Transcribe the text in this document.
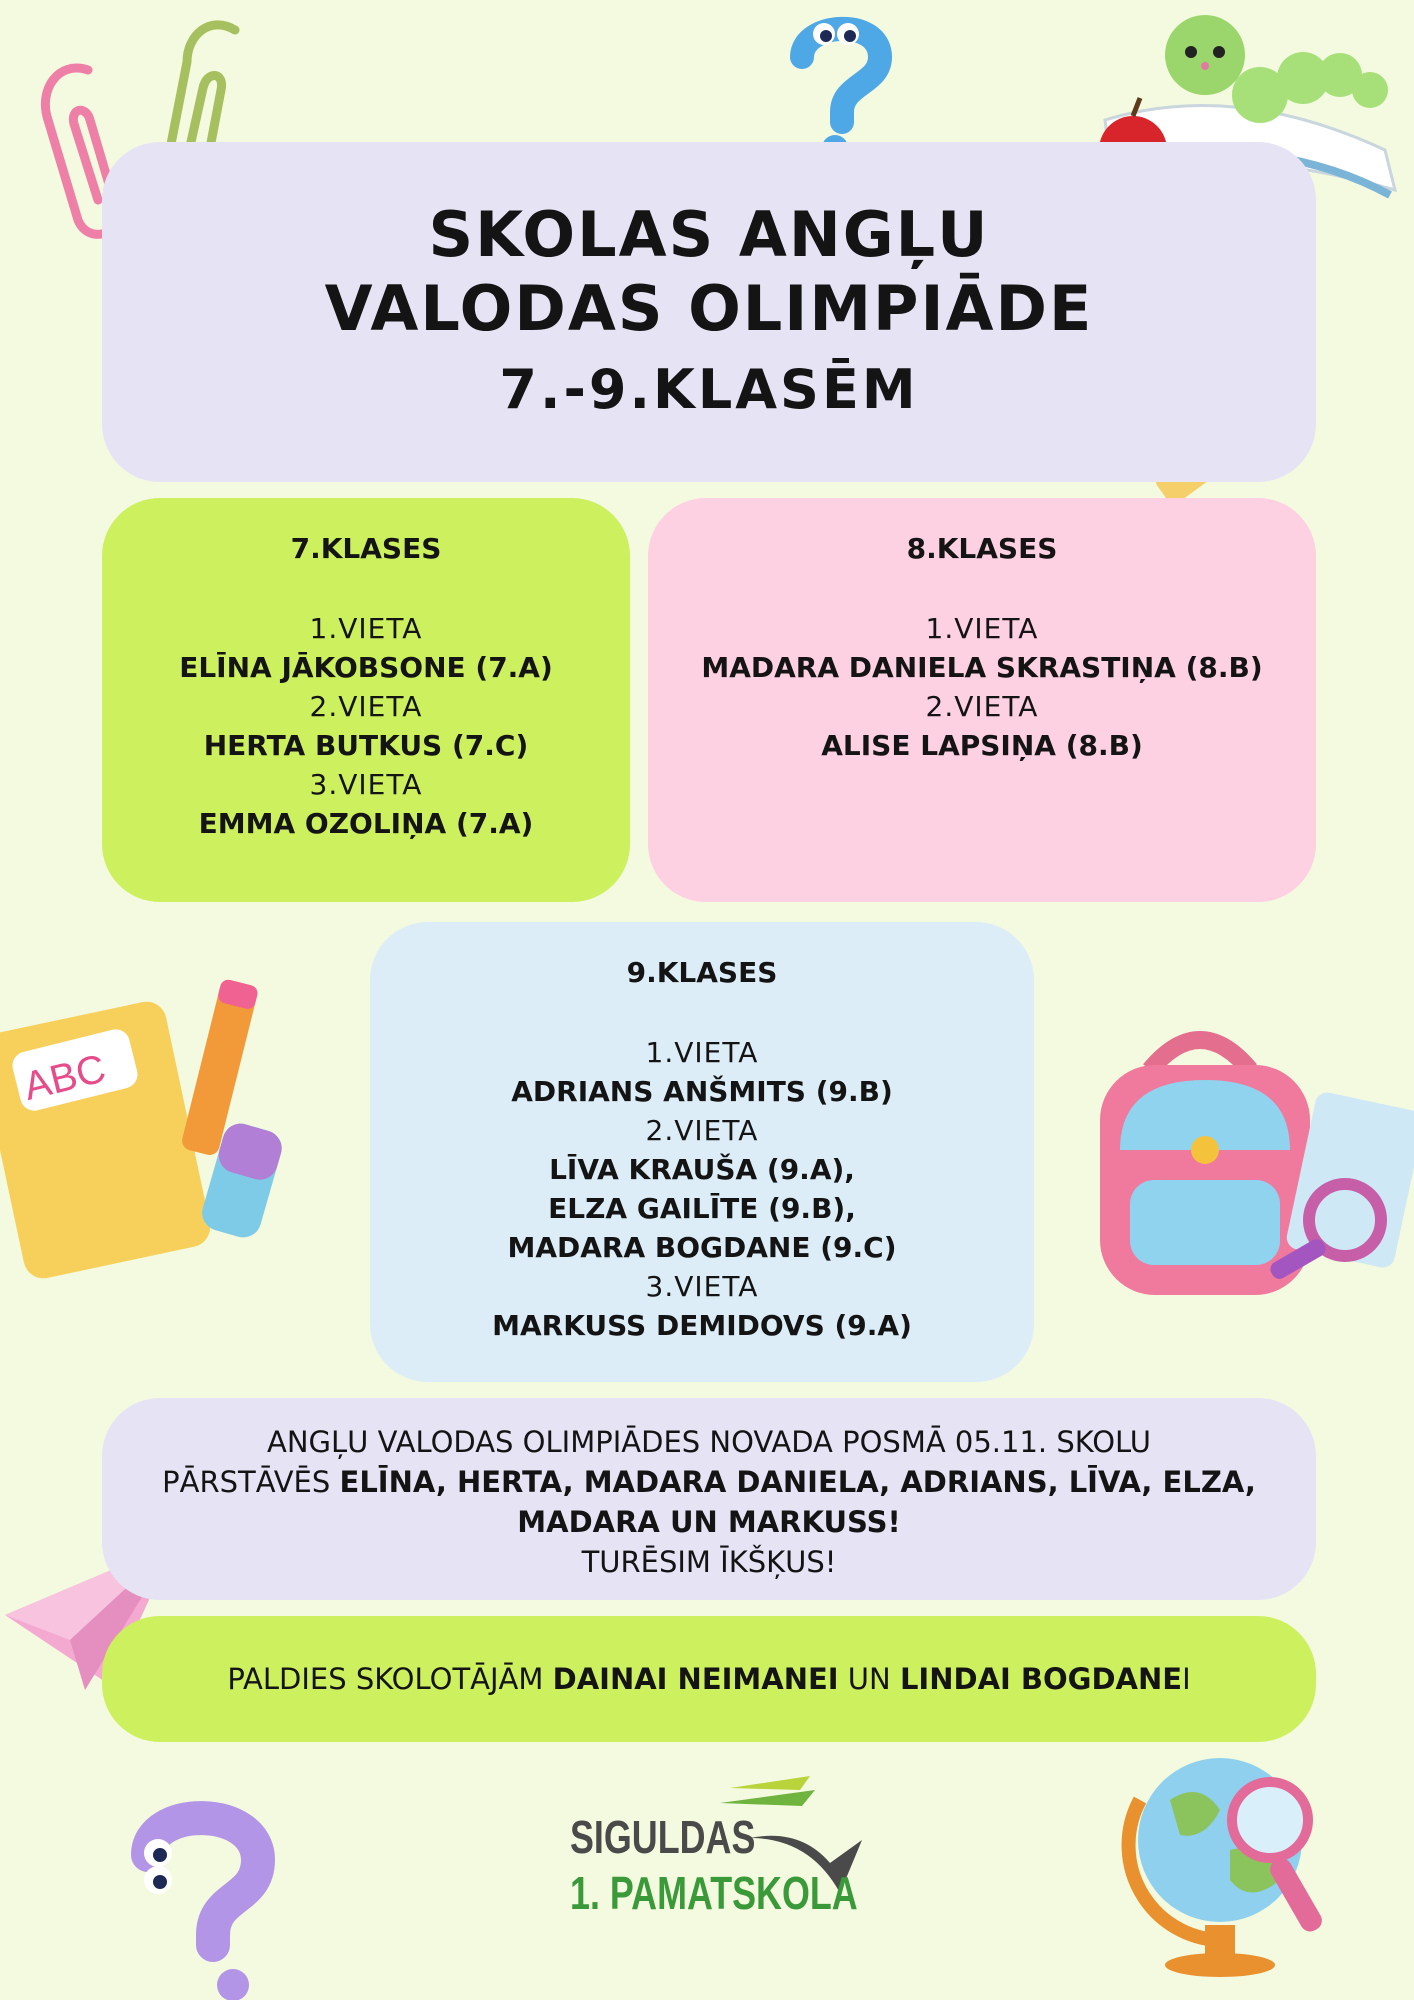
ABC
SKOLAS ANGĻU
VALODAS OLIMPIĀDE
7.-9.KLASĒM
7.KLASES
1.VIETA
ELĪNA JĀKOBSONE (7.A)
2.VIETA
HERTA BUTKUS (7.C)
3.VIETA
EMMA OZOLIŅA (7.A)
8.KLASES
1.VIETA
MADARA DANIELA SKRASTIŅA (8.B)
2.VIETA
ALISE LAPSIŅA (8.B)
9.KLASES
1.VIETA
ADRIANS ANŠMITS (9.B)
2.VIETA
LĪVA KRAUŠA (9.A),
ELZA GAILĪTE (9.B),
MADARA BOGDANE (9.C)
3.VIETA
MARKUSS DEMIDOVS (9.A)
ANGĻU VALODAS OLIMPIĀDES NOVADA POSMĀ 05.11. SKOLU
PĀRSTĀVĒS ELĪNA, HERTA, MADARA DANIELA, ADRIANS, LĪVA, ELZA,
MADARA UN MARKUSS!
TURĒSIM ĪKŠĶUS!
PALDIES SKOLOTĀJĀM DAINAI NEIMANEI UN LINDAI BOGDANEI
SIGULDAS
1. PAMATSKOLA
